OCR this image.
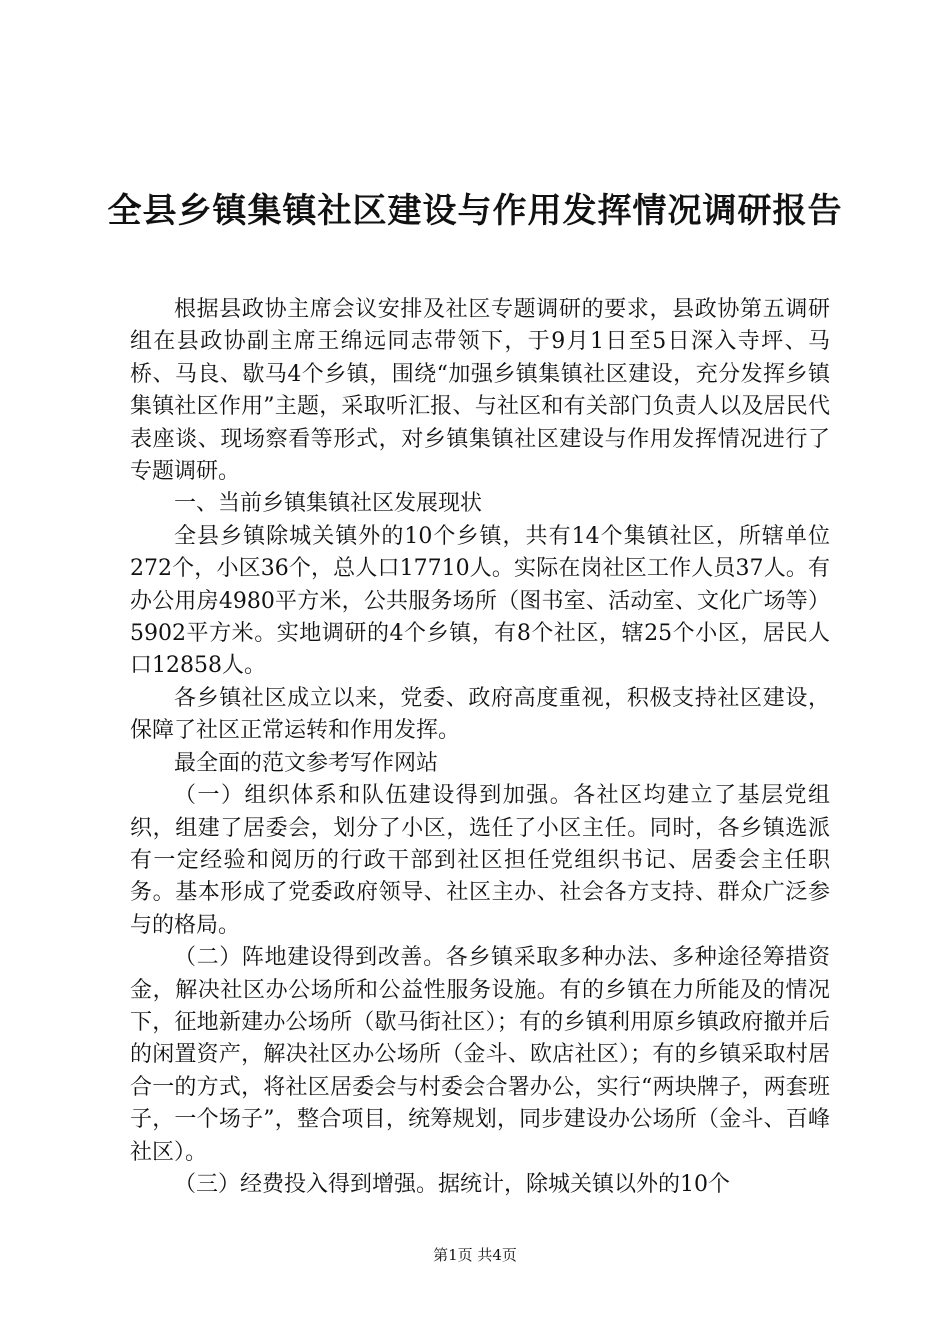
全县乡镇集镇社区建设与作用发挥情况调研报告

根据县政协主席会议安排及社区专题调研的要求，县政协第五调研组在县政协副主席王绵远同志带领下，于9月1日至5日深入寺坪、马桥、马良、歇马4个乡镇，围绕“加强乡镇集镇社区建设，充分发挥乡镇集镇社区作用”主题，采取听汇报、与社区和有关部门负责人以及居民代表座谈、现场察看等形式，对乡镇集镇社区建设与作用发挥情况进行了专题调研。

一、当前乡镇集镇社区发展现状

全县乡镇除城关镇外的10个乡镇，共有14个集镇社区，所辖单位272个，小区36个，总人口17710人。实际在岗社区工作人员37人。有办公用房4980平方米，公共服务场所（图书室、活动室、文化广场等）5902平方米。实地调研的4个乡镇，有8个社区，辖25个小区，居民人口12858人。

各乡镇社区成立以来，党委、政府高度重视，积极支持社区建设，保障了社区正常运转和作用发挥。

最全面的范文参考写作网站

（一）组织体系和队伍建设得到加强。各社区均建立了基层党组织，组建了居委会，划分了小区，选任了小区主任。同时，各乡镇选派有一定经验和阅历的行政干部到社区担任党组织书记、居委会主任职务。基本形成了党委政府领导、社区主办、社会各方支持、群众广泛参与的格局。

（二）阵地建设得到改善。各乡镇采取多种办法、多种途径筹措资金，解决社区办公场所和公益性服务设施。有的乡镇在力所能及的情况下，征地新建办公场所（歇马街社区）；有的乡镇利用原乡镇政府撤并后的闲置资产，解决社区办公场所（金斗、欧店社区）；有的乡镇采取村居合一的方式，将社区居委会与村委会合署办公，实行“两块牌子，两套班子，一个场子”，整合项目，统筹规划，同步建设办公场所（金斗、百峰社区）。

（三）经费投入得到增强。据统计，除城关镇以外的10个

第1页 共4页
